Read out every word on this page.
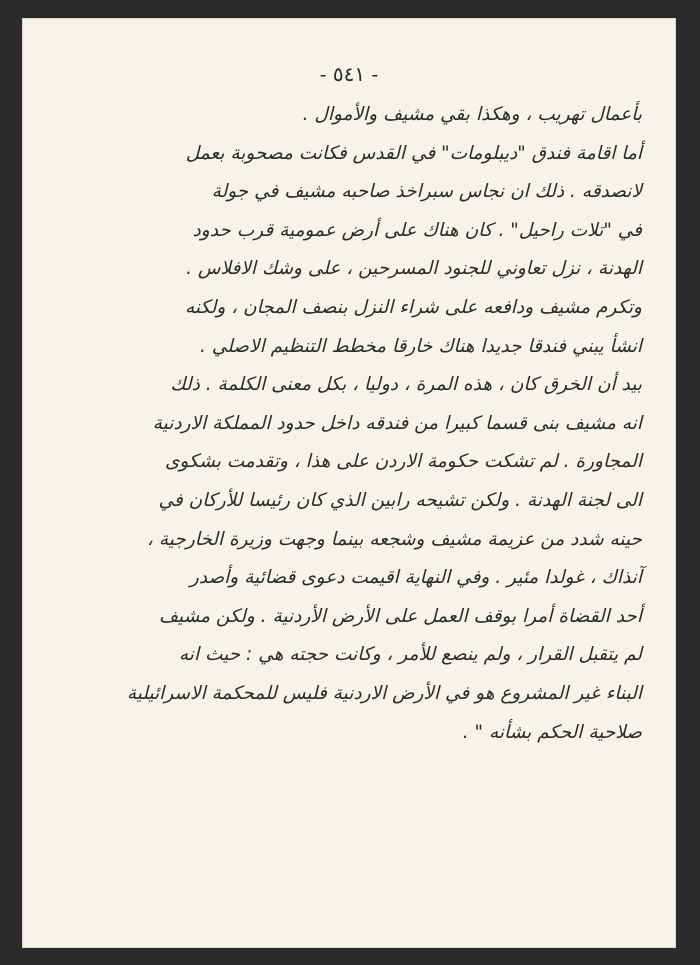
- ٥٤١ -
بأعمال تهريب ، وهكذا بقي مشيف والأموال .
أما اقامة فندق "ديبلومات" في القدس فكانت مصحوبة بعمل
لانصدقه . ذلك ان نجاس سبراخذ صاحبه مشيف في جولة
في "تلات راحيل" . كان هناك على أرض عمومية قرب حدود
الهدنة ، نزل تعاوني للجنود المسرحين ، على وشك الافلاس .
وتكرم مشيف ودافعه على شراء النزل بنصف المجان ، ولكنه
انشأ يبني فندقا جديدا هناك خارقا مخطط التنظيم الاصلي .
بيد أن الخرق كان ، هذه المرة ، دوليا ، بكل معنى الكلمة . ذلك
انه مشيف بنى قسما كبيرا من فندقه داخل حدود المملكة الاردنية
المجاورة . لم تشكت حكومة الاردن على هذا ، وتقدمت بشكوى
الى لجنة الهدنة . ولكن تشيحه رابين الذي كان رئيسا للأركان في
حينه شدد من عزيمة مشيف وشجعه بينما وجهت وزيرة الخارجية ،
آنذاك ، غولدا مئير . وفي النهاية اقيمت دعوى قضائية وأصدر
أحد القضاة أمرا بوقف العمل على الأرض الأردنية . ولكن مشيف
لم يتقبل القرار ، ولم ينصع للأمر ، وكانت حجته هي : حيث انه
البناء غير المشروع هو في الأرض الاردنية فليس للمحكمة الاسرائيلية
صلاحية الحكم بشأنه " .
